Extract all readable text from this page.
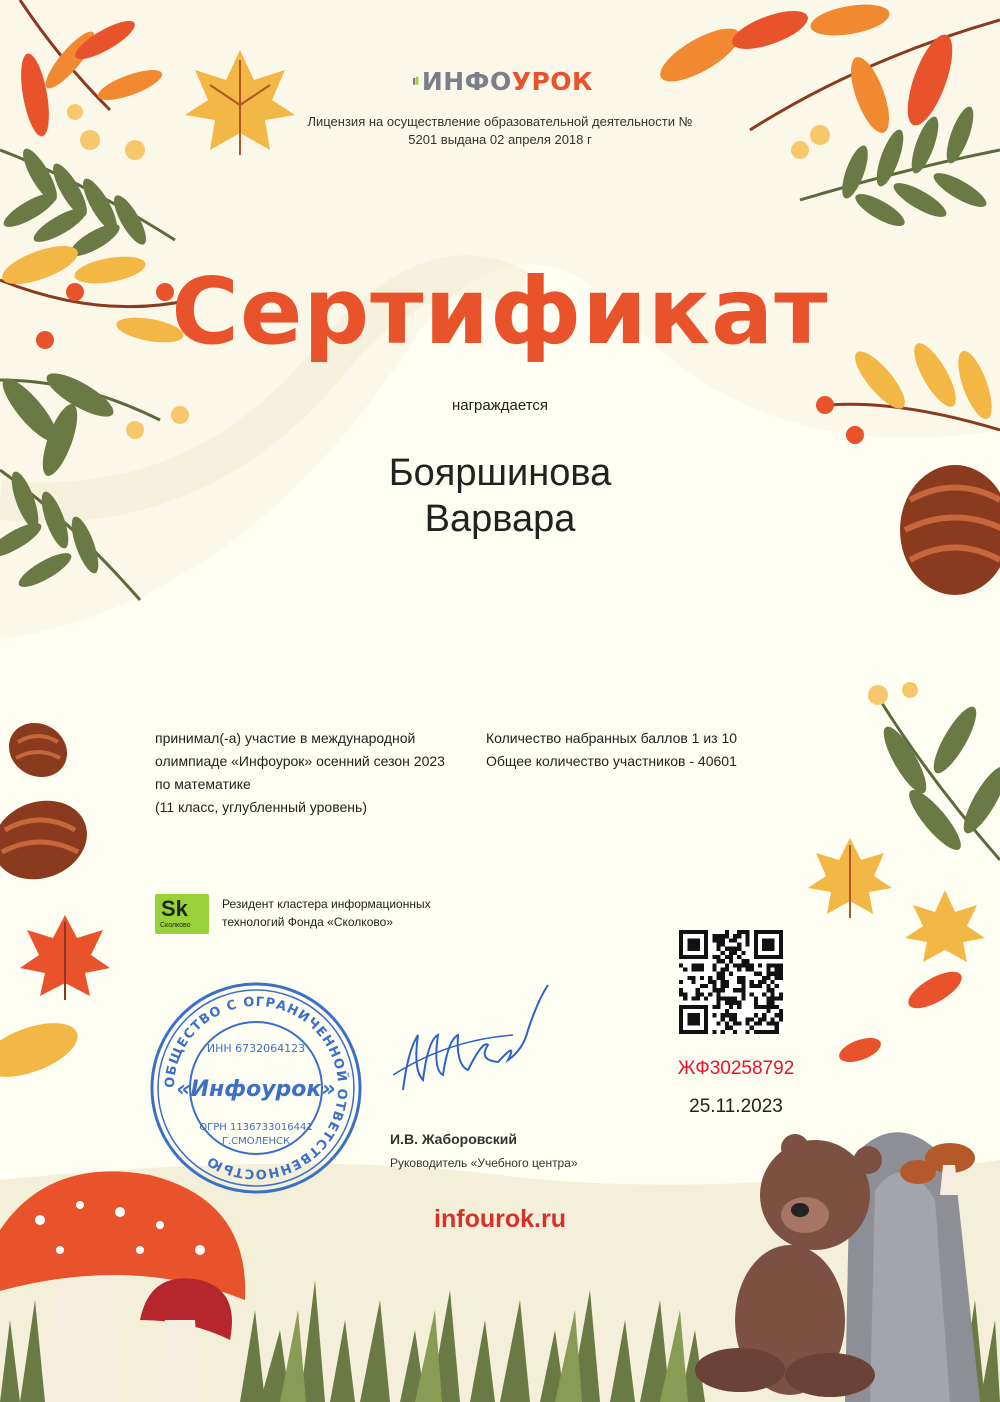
ИНФОУРОК
Лицензия на осуществление образовательной деятельности № 5201 выдана 02 апреля 2018 г
Сертификат
награждается
Бояршинова
Варвара
принимал(-а) участие в международной
олимпиаде «Инфоурок» осенний сезон 2023
по математике
(11 класс, углубленный уровень)
Количество набранных баллов 1 из 10
Общее количество участников - 40601
Sk
Сколково
Резидент кластера информационных
технологий Фонда «Сколково»
ОБЩЕСТВО С ОГРАНИЧЕННОЙ ОТВЕТСТВЕННОСТЬЮ
ИНН 6732064123
«Инфоурок»
ОГРН 1136733016441
Г.СМОЛЕНСК	И.В. Жаборовский
Руководитель «Учебного центра»
ЖФ30258792
25.11.2023
infourok.ru
